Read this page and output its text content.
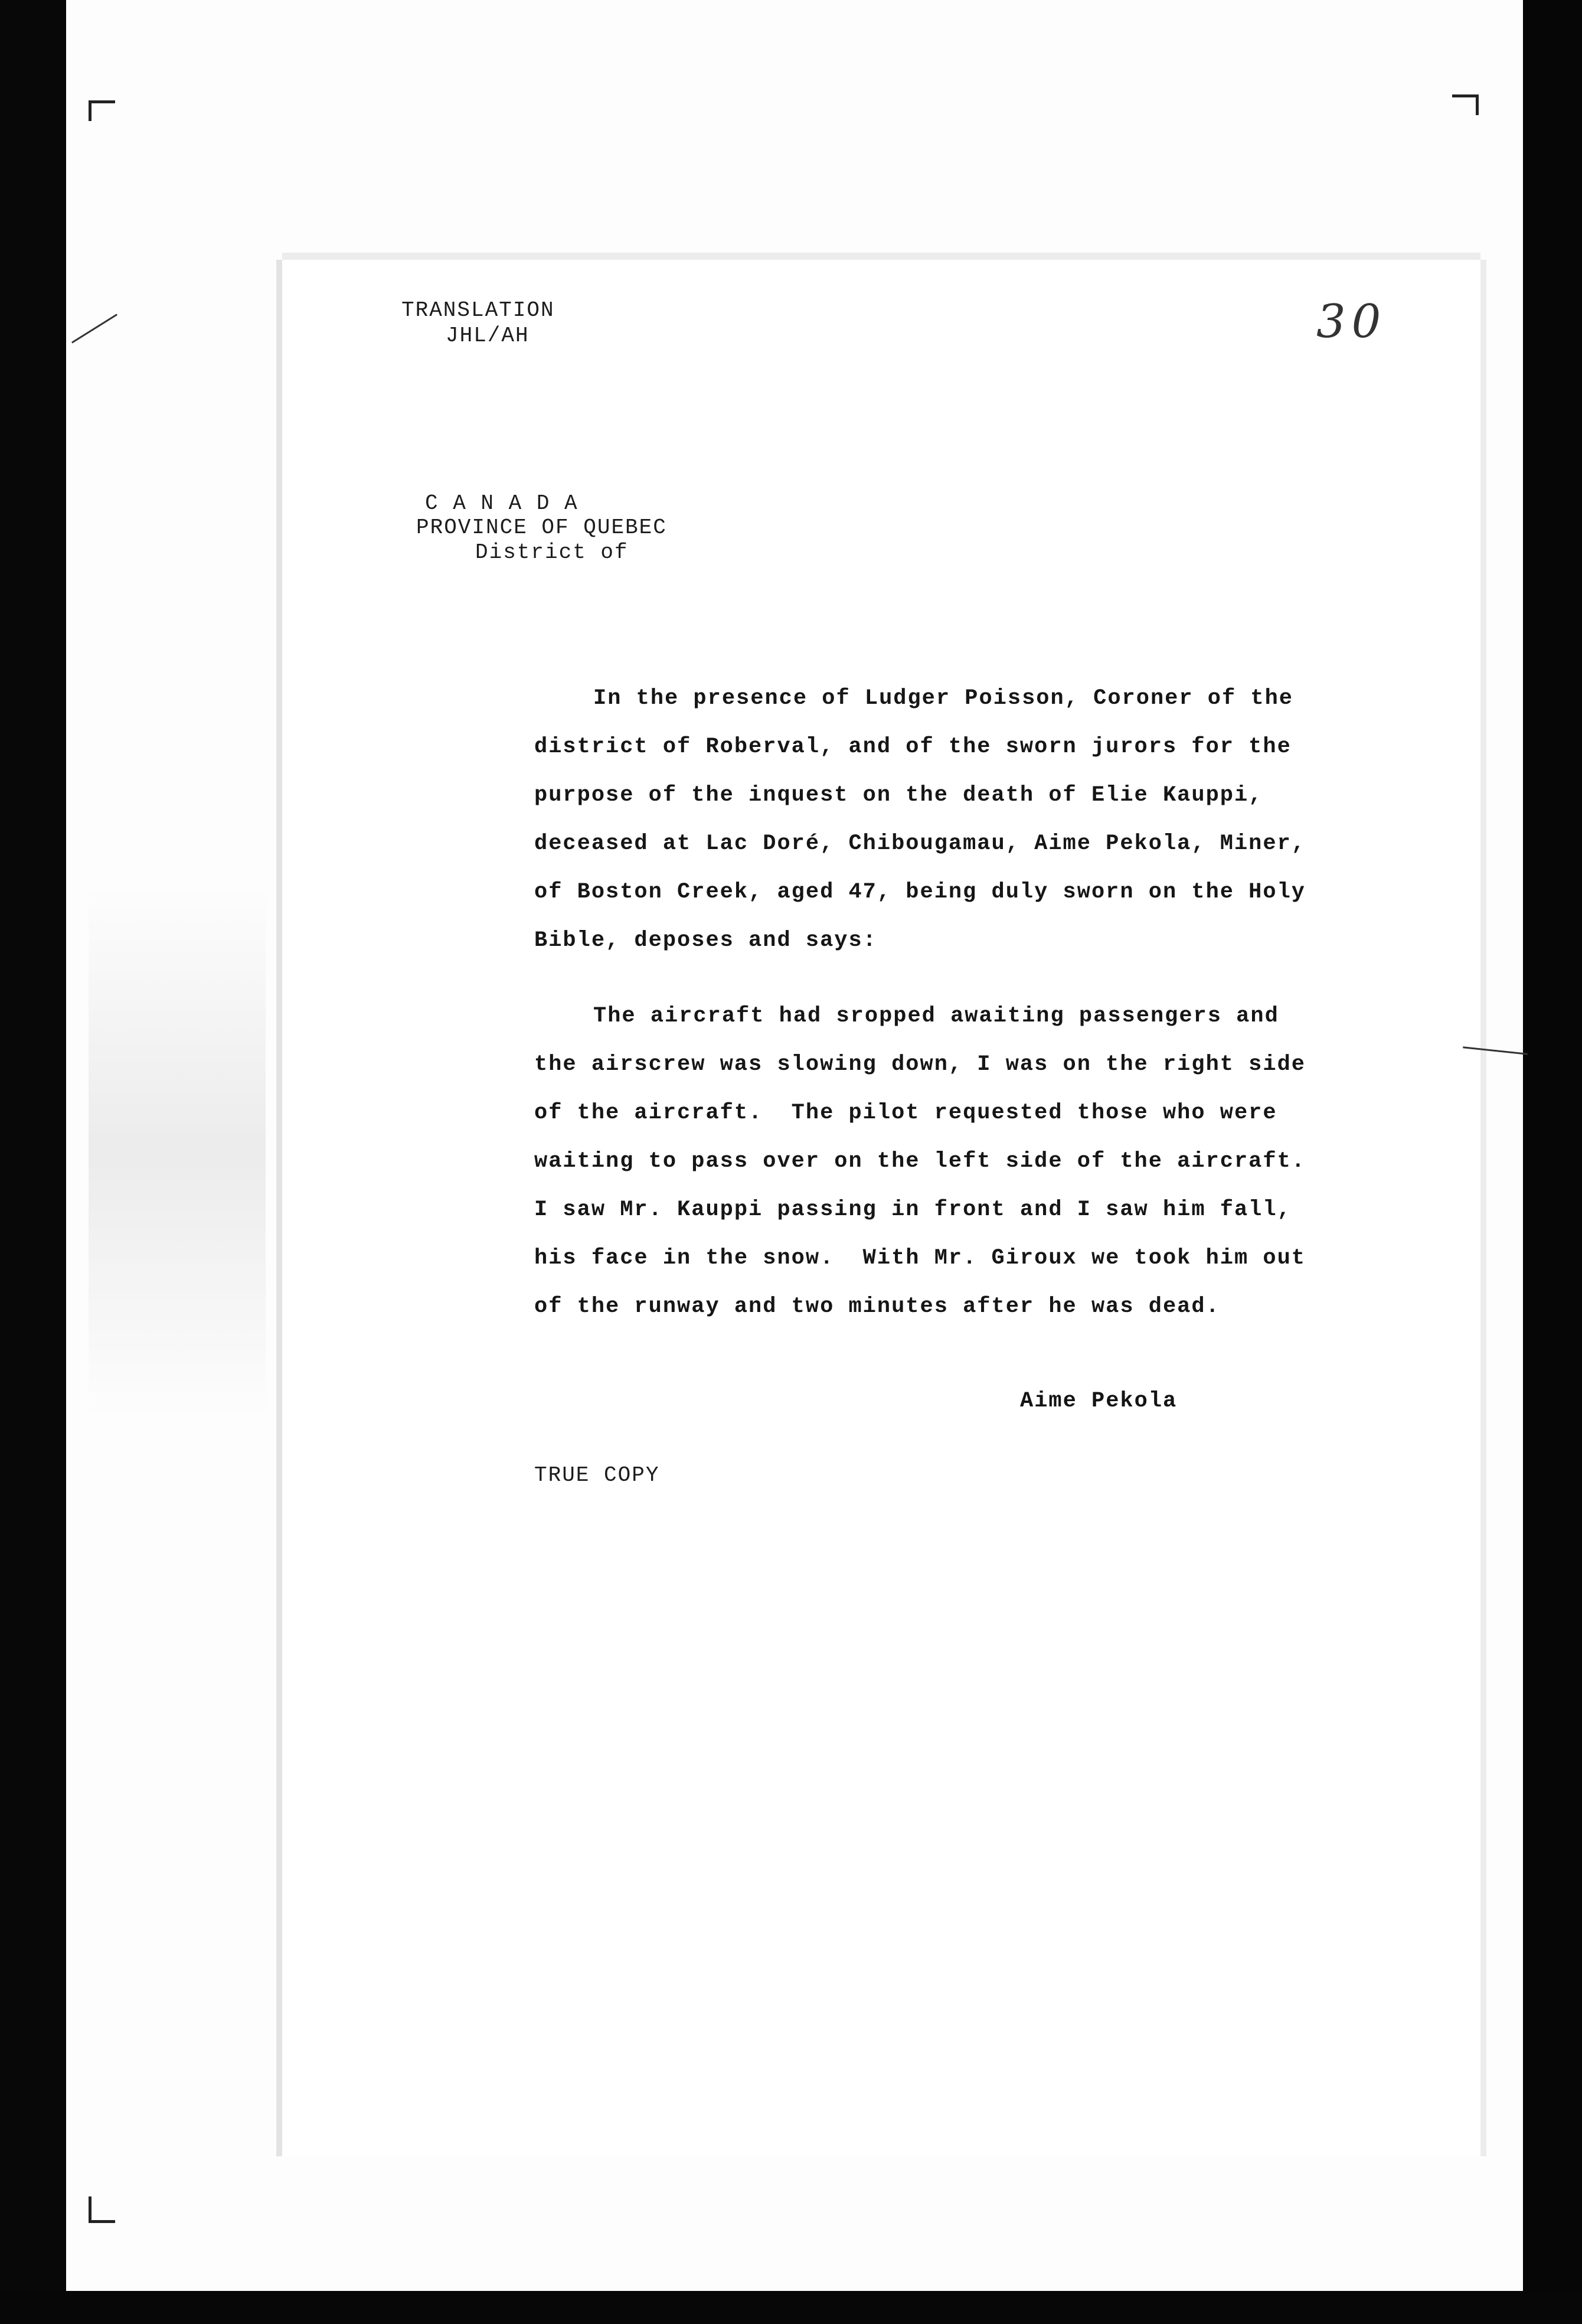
TRANSLATION
JHL/AH	30
C A N A D A
PROVINCE OF QUEBEC
District of
In the presence of Ludger Poisson, Coroner of the
district of Roberval, and of the sworn jurors for the
purpose of the inquest on the death of Elie Kauppi,
deceased at Lac Doré, Chibougamau, Aime Pekola, Miner,
of Boston Creek, aged 47, being duly sworn on the Holy
Bible, deposes and says:
The aircraft had sropped awaiting passengers and
the airscrew was slowing down, I was on the right side
of the aircraft.  The pilot requested those who were
waiting to pass over on the left side of the aircraft.
I saw Mr. Kauppi passing in front and I saw him fall,
his face in the snow.  With Mr. Giroux we took him out
of the runway and two minutes after he was dead.
Aime Pekola
TRUE COPY
